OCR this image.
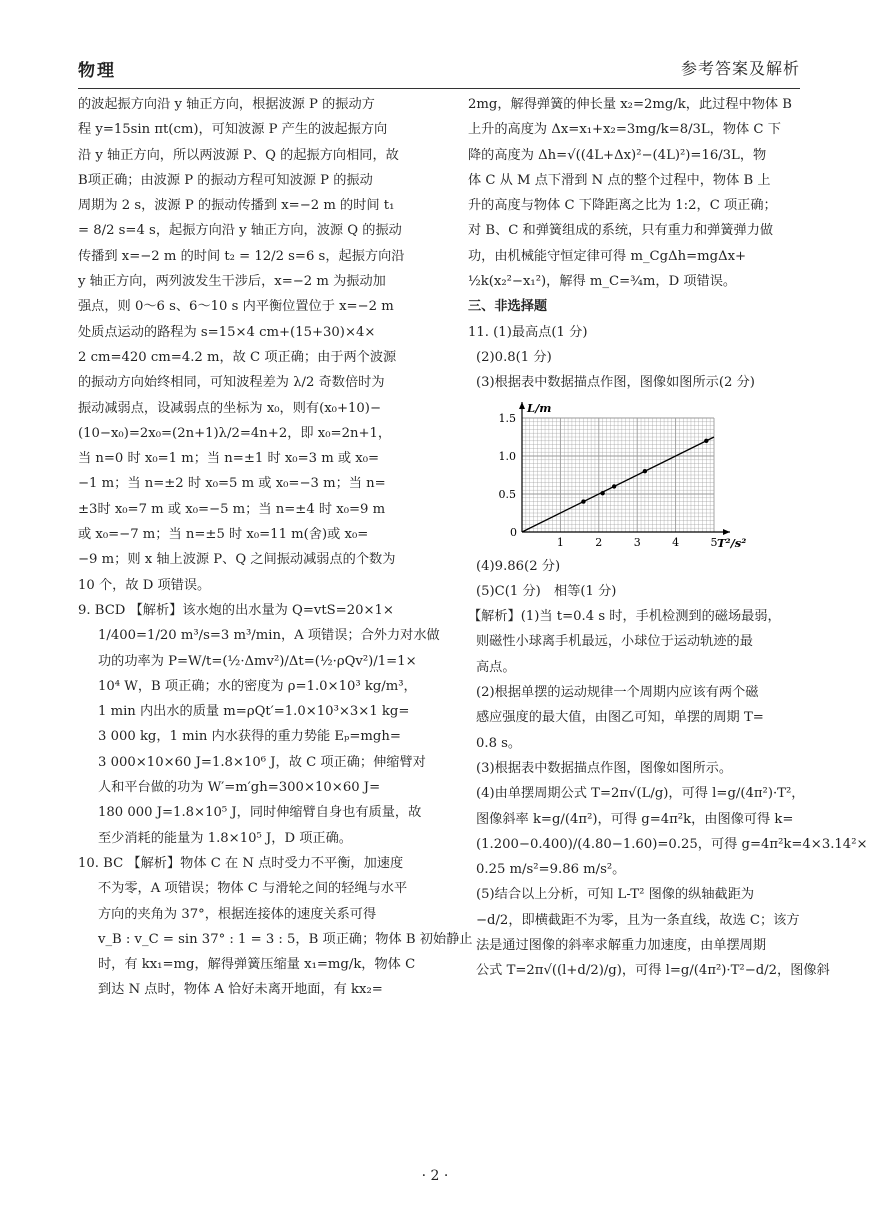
物理	参考答案及解析

的波起振方向沿 y 轴正方向，根据波源 P 的振动方

程 y=15sin πt(cm)，可知波源 P 产生的波起振方向

沿 y 轴正方向，所以两波源 P、Q 的起振方向相同，故

B项正确；由波源 P 的振动方程可知波源 P 的振动

周期为 2 s，波源 P 的振动传播到 x=−2 m 的时间 t₁

= 8/2 s=4 s，起振方向沿 y 轴正方向，波源 Q 的振动

传播到 x=−2 m 的时间 t₂ = 12/2 s=6 s，起振方向沿

y 轴正方向，两列波发生干涉后，x=−2 m 为振动加

强点，则 0～6 s、6～10 s 内平衡位置位于 x=−2 m

处质点运动的路程为 s=15×4 cm+(15+30)×4×

2 cm=420 cm=4.2 m，故 C 项正确；由于两个波源

的振动方向始终相同，可知波程差为 λ/2 奇数倍时为

振动减弱点，设减弱点的坐标为 x₀，则有(x₀+10)−

(10−x₀)=2x₀=(2n+1)λ/2=4n+2，即 x₀=2n+1，

当 n=0 时 x₀=1 m；当 n=±1 时 x₀=3 m 或 x₀=

−1 m；当 n=±2 时 x₀=5 m 或 x₀=−3 m；当 n=

±3时 x₀=7 m 或 x₀=−5 m；当 n=±4 时 x₀=9 m

或 x₀=−7 m；当 n=±5 时 x₀=11 m(舍)或 x₀=

−9 m；则 x 轴上波源 P、Q 之间振动减弱点的个数为

10 个，故 D 项错误。

9. BCD 【解析】该水炮的出水量为 Q=vtS=20×1×

1/400=1/20 m³/s=3 m³/min，A 项错误；合外力对水做

功的功率为 P=W/t=(½·Δmv²)/Δt=(½·ρQv²)/1=1×

10⁴ W，B 项正确；水的密度为 ρ=1.0×10³ kg/m³，

1 min 内出水的质量 m=ρQt′=1.0×10³×3×1 kg=

3 000 kg，1 min 内水获得的重力势能 Eₚ=mgh=

3 000×10×60 J=1.8×10⁶ J，故 C 项正确；伸缩臂对

人和平台做的功为 W′=m′gh=300×10×60 J=

180 000 J=1.8×10⁵ J，同时伸缩臂自身也有质量，故

至少消耗的能量为 1.8×10⁵ J，D 项正确。

10. BC 【解析】物体 C 在 N 点时受力不平衡，加速度

不为零，A 项错误；物体 C 与滑轮之间的轻绳与水平

方向的夹角为 37°，根据连接体的速度关系可得

v_B : v_C = sin 37° : 1 = 3 : 5，B 项正确；物体 B 初始静止

时，有 kx₁=mg，解得弹簧压缩量 x₁=mg/k，物体 C

到达 N 点时，物体 A 恰好未离开地面，有 kx₂=

2mg，解得弹簧的伸长量 x₂=2mg/k，此过程中物体 B

上升的高度为 Δx=x₁+x₂=3mg/k=8/3L，物体 C 下

降的高度为 Δh=√((4L+Δx)²−(4L)²)=16/3L，物

体 C 从 M 点下滑到 N 点的整个过程中，物体 B 上

升的高度与物体 C 下降距离之比为 1:2，C 项正确；

对 B、C 和弹簧组成的系统，只有重力和弹簧弹力做

功，由机械能守恒定律可得 m_CgΔh=mgΔx+

½k(x₂²−x₁²)，解得 m_C=¾m，D 项错误。

三、非选择题

11. (1)最高点(1 分)

(2)0.8(1 分)

(3)根据表中数据描点作图，图像如图所示(2 分)

1	2	3	4	5
0
0.5
1.0
1.5
T²/s²
L/m

(4)9.86(2 分)

(5)C(1 分)　相等(1 分)

【解析】(1)当 t=0.4 s 时，手机检测到的磁场最弱，

则磁性小球离手机最远，小球位于运动轨迹的最

高点。

(2)根据单摆的运动规律一个周期内应该有两个磁

感应强度的最大值，由图乙可知，单摆的周期 T=

0.8 s。

(3)根据表中数据描点作图，图像如图所示。

(4)由单摆周期公式 T=2π√(L/g)，可得 l=g/(4π²)·T²，

图像斜率 k=g/(4π²)，可得 g=4π²k，由图像可得 k=

(1.200−0.400)/(4.80−1.60)=0.25，可得 g=4π²k=4×3.14²×

0.25 m/s²=9.86 m/s²。

(5)结合以上分析，可知 L-T² 图像的纵轴截距为

−d/2，即横截距不为零，且为一条直线，故选 C；该方

法是通过图像的斜率求解重力加速度，由单摆周期

公式 T=2π√((l+d/2)/g)，可得 l=g/(4π²)·T²−d/2，图像斜

· 2 ·
